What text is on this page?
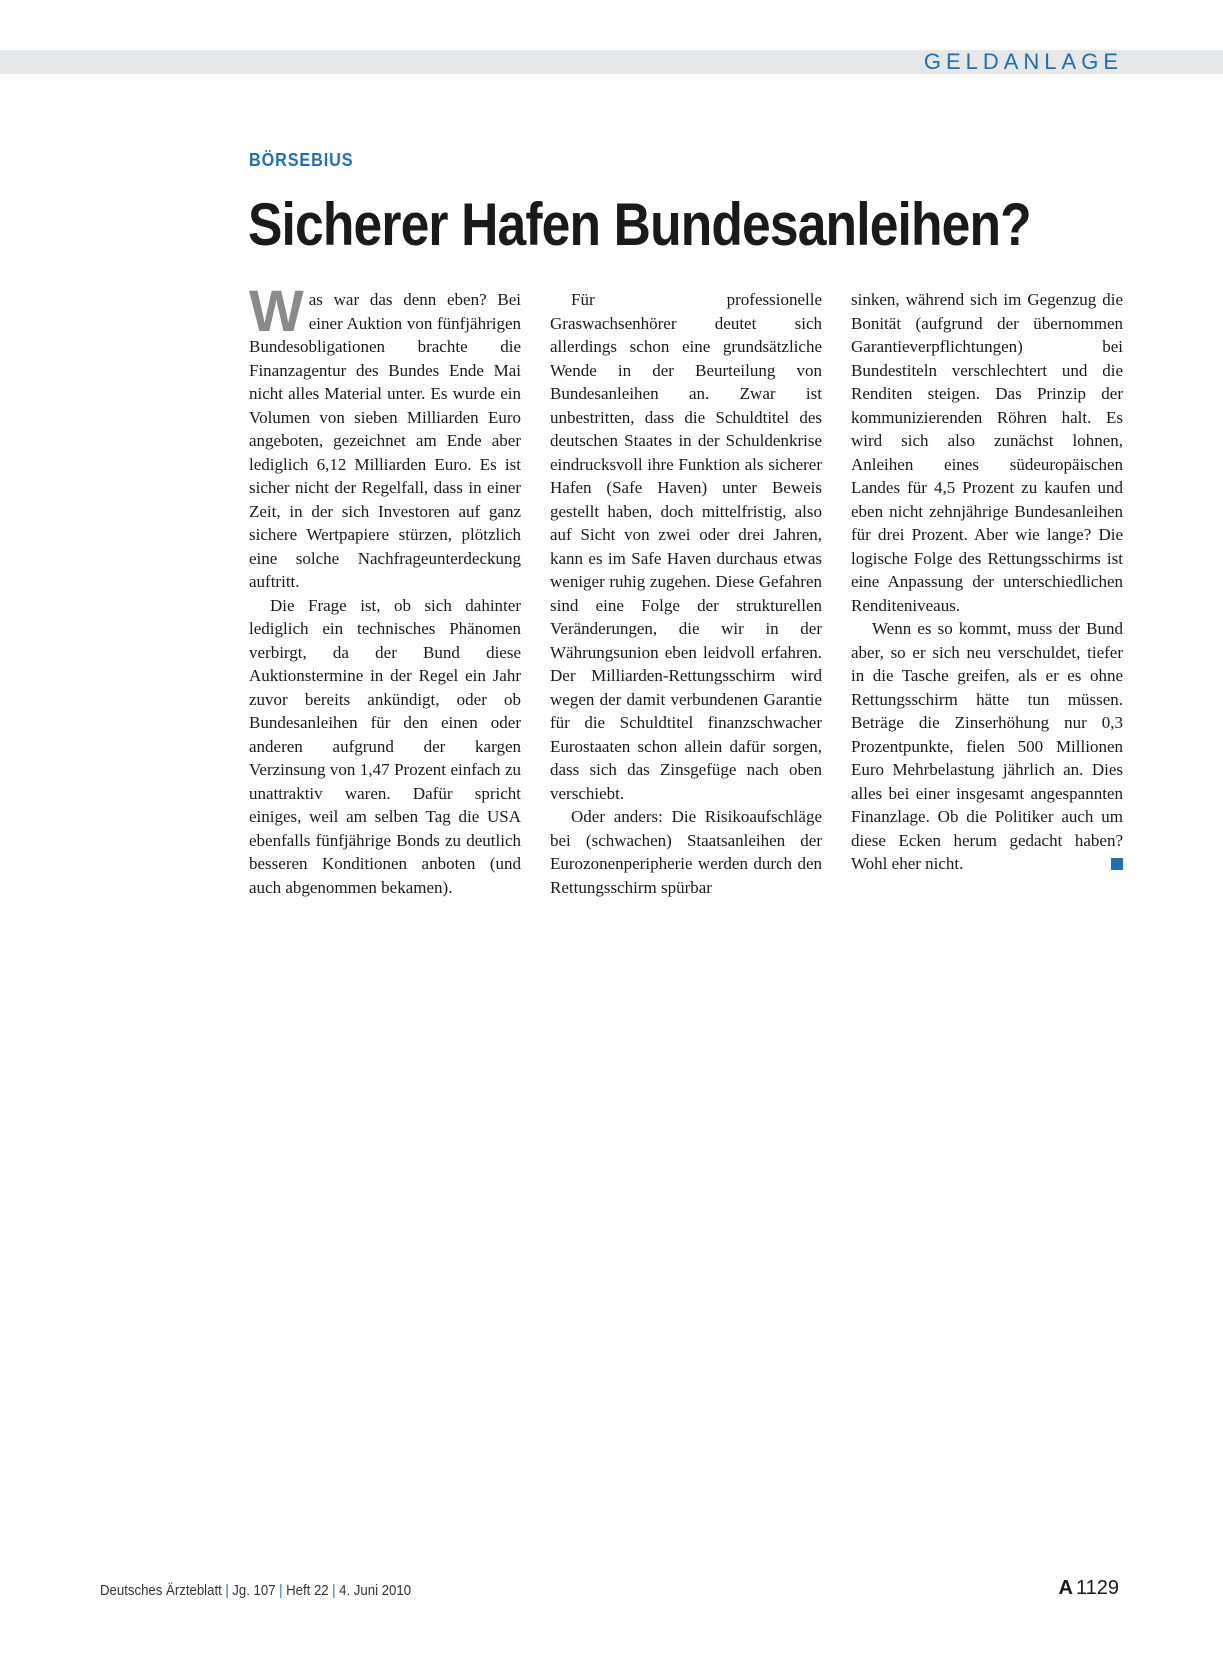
GELDANLAGE
BÖRSEBIUS
Sicherer Hafen Bundesanleihen?

Was war das denn eben? Bei einer Auktion von fünfjährigen Bundesobligationen brachte die Finanzagentur des Bundes Ende Mai nicht alles Material unter. Es wurde ein Volumen von sieben Milliarden Euro angeboten, gezeichnet am Ende aber lediglich 6,12 Milliarden Euro. Es ist sicher nicht der Regelfall, dass in einer Zeit, in der sich Investoren auf ganz sichere Wertpapiere stürzen, plötzlich eine solche Nachfrageunterdeckung auftritt.

Die Frage ist, ob sich dahinter lediglich ein technisches Phänomen verbirgt, da der Bund diese Auktionstermine in der Regel ein Jahr zuvor bereits ankündigt, oder ob Bundesanleihen für den einen oder anderen aufgrund der kargen Verzinsung von 1,47 Prozent einfach zu unattraktiv waren. Dafür spricht einiges, weil am selben Tag die USA ebenfalls fünfjährige Bonds zu deutlich besseren Konditionen anboten (und auch abgenommen bekamen).

Für professionelle Graswachsenhörer deutet sich allerdings schon eine grundsätzliche Wende in der Beurteilung von Bundesanleihen an. Zwar ist unbestritten, dass die Schuldtitel des deutschen Staates in der Schuldenkrise eindrucksvoll ihre Funktion als sicherer Hafen (Safe Haven) unter Beweis gestellt haben, doch mittelfristig, also auf Sicht von zwei oder drei Jahren, kann es im Safe Haven durchaus etwas weniger ruhig zugehen. Diese Gefahren sind eine Folge der strukturellen Veränderungen, die wir in der Währungsunion eben leidvoll erfahren. Der Milliarden-Rettungsschirm wird wegen der damit verbundenen Garantie für die Schuldtitel finanzschwacher Eurostaaten schon allein dafür sorgen, dass sich das Zinsgefüge nach oben verschiebt.

Oder anders: Die Risikoaufschläge bei (schwachen) Staatsanleihen der Eurozonenperipherie werden durch den Rettungsschirm spürbar

sinken, während sich im Gegenzug die Bonität (aufgrund der übernommen Garantieverpflichtungen) bei Bundestiteln verschlechtert und die Renditen steigen. Das Prinzip der kommunizierenden Röhren halt. Es wird sich also zunächst lohnen, Anleihen eines südeuropäischen Landes für 4,5 Prozent zu kaufen und eben nicht zehnjährige Bundesanleihen für drei Prozent. Aber wie lange? Die logische Folge des Rettungsschirms ist eine Anpassung der unterschiedlichen Renditeniveaus.

Wenn es so kommt, muss der Bund aber, so er sich neu verschuldet, tiefer in die Tasche greifen, als er es ohne Rettungsschirm hätte tun müssen. Beträge die Zinserhöhung nur 0,3 Prozentpunkte, fielen 500 Millionen Euro Mehrbelastung jährlich an. Dies alles bei einer insgesamt angespannten Finanzlage. Ob die Politiker auch um diese Ecken herum gedacht haben? Wohl eher nicht.

Deutsches Ärzteblatt | Jg. 107 | Heft 22 | 4. Juni 2010	A 1129
